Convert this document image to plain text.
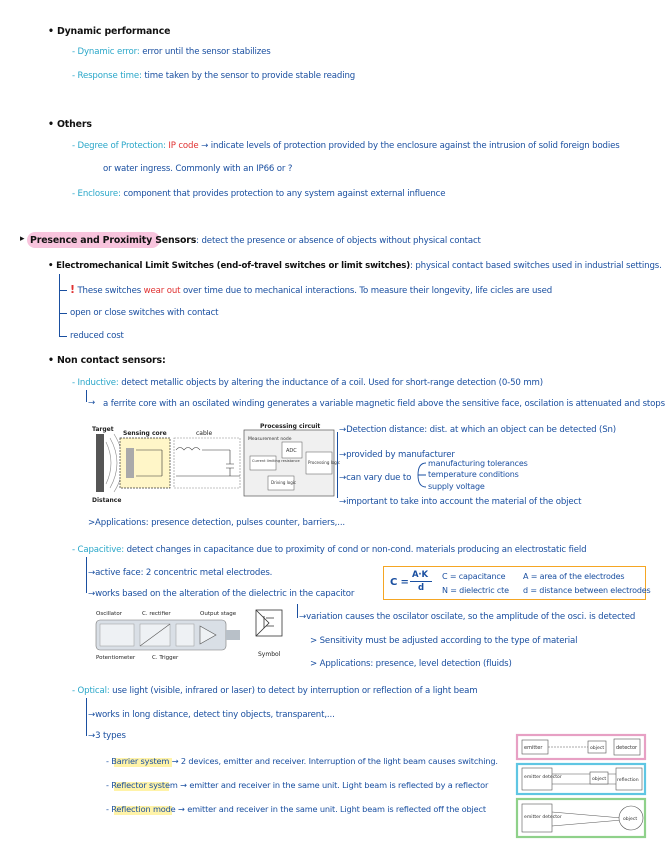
• Dynamic performance
- Dynamic error: error until the sensor stabilizes
- Response time: time taken by the sensor to provide stable reading
• Others
- Degree of Protection: IP code → indicate levels of protection provided by the enclosure against the intrusion of solid foreign bodies
or water ingress. Commonly with an IP66 or ?
- Enclosure: component that provides protection to any system against external influence
▸ Presence and Proximity Sensors: detect the presence or absence of objects without physical contact
• Electromechanical Limit Switches (end-of-travel switches or limit switches): physical contact based switches used in industrial settings.
! These switches wear out over time due to mechanical interactions. To measure their longevity, life cicles are used
open or close switches with contact
reduced cost
• Non contact sensors:
- Inductive: detect metallic objects by altering the inductance of a coil. Used for short-range detection (0-50 mm)
→ a ferrite core with an oscilated winding generates a variable magnetic field above the sensitive face, oscilation is attenuated and stops
Target
Distance
Sensing core	cable
Processing circuit
Measurement node
Current limiting resistance
ADC
Processing logic
Driving logic
→Detection distance: dist. at which an object can be detected (Sn)
→provided by manufacturer
→can vary due to
manufacturing tolerances
temperature conditions
supply voltage
→important to take into account the material of the object
>Applications: presence detection, pulses counter, barriers,...
- Capacitive: detect changes in capacitance due to proximity of cond or non-cond. materials producing an electrostatic field
→active face: 2 concentric metal electrodes.
→works based on the alteration of the dielectric in the capacitor
C =
A·K
d
C = capacitance
N = dielectric cte
A = area of the electrodes
d = distance between electrodes
Oscillator	C. rectifier	Output stage
Potentiometer	C. Trigger	Symbol
→variation causes the oscilator oscilate, so the amplitude of the osci. is detected
> Sensitivity must be adjusted according to the type of material
> Applications: presence, level detection (fluids)
- Optical: use light (visible, infrared or laser) to detect by interruption or reflection of a light beam
→works in long distance, detect tiny objects, transparent,...
→3 types
- Barrier system → 2 devices, emitter and receiver. Interruption of the light beam causes switching.
- Reflector system → emitter and receiver in the same unit. Light beam is reflected by a reflector
- Reflection mode → emitter and receiver in the same unit. Light beam is reflected off the object
emitter	object detector
emitter detector	object reflection
emitter detector	object
